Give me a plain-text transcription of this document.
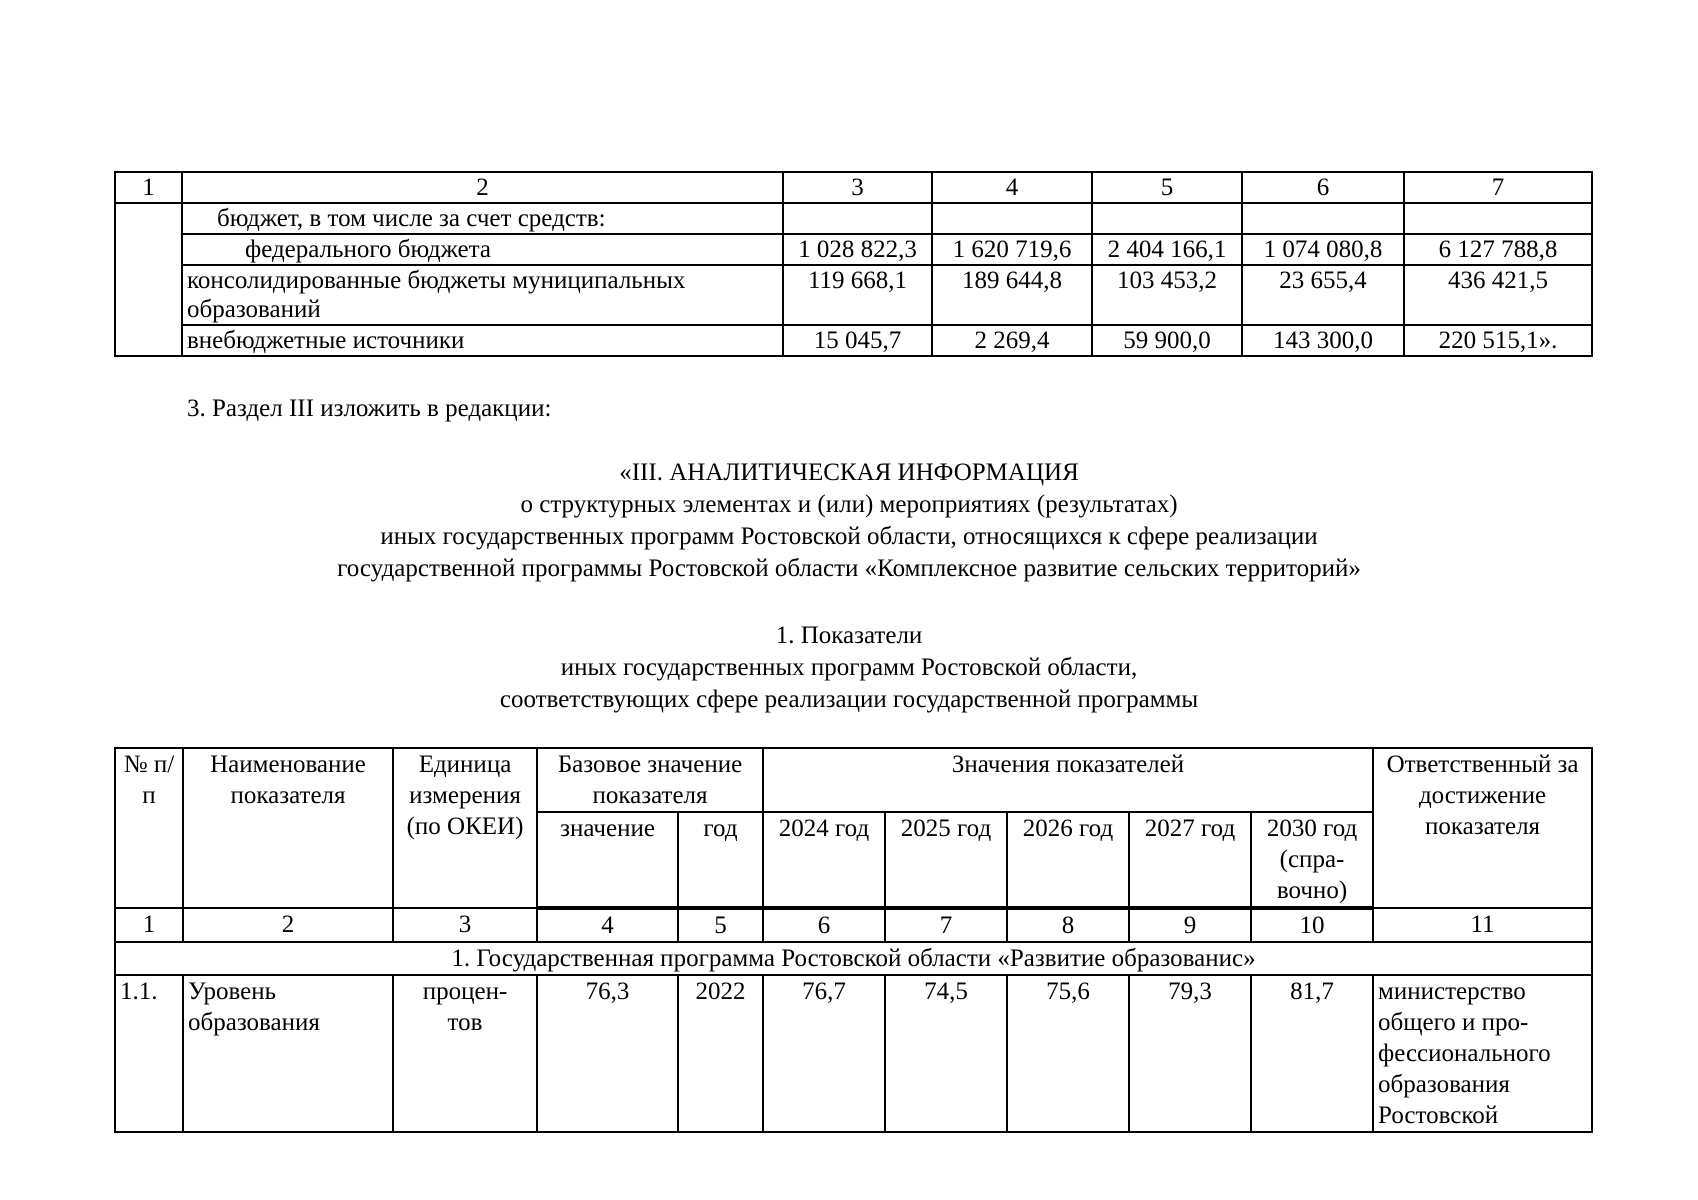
1	2	3	4	5	6	7
	бюджет, в том числе за счет средств:					
	федерального бюджета	1 028 822,3	1 620 719,6	2 404 166,1	1 074 080,8	6 127 788,8
	консолидированные бюджеты муниципальных образований	119 668,1	189 644,8	103 453,2	23 655,4	436 421,5
	внебюджетные источники	15 045,7	2 269,4	59 900,0	143 300,0	220 515,1».
3. Раздел III изложить в редакции:
«III. АНАЛИТИЧЕСКАЯ ИНФОРМАЦИЯ
о структурных элементах и (или) мероприятиях (результатах)
иных государственных программ Ростовской области, относящихся к сфере реализации
государственной программы Ростовской области «Комплексное развитие сельских территорий»
1. Показатели
иных государственных программ Ростовской области,
соответствующих сфере реализации государственной программы
№ п/п	Наименование показателя	Единица измерения (по ОКЕИ)	Базовое значение показателя		Значения показателей					Ответственный за достижение показателя
			значение	год	2024 год	2025 год	2026 год	2027 год	2030 год (спра-вочно)	
1	2	3	4	5	6	7	8	9	10	11
1. Государственная программа Ростовской области «Развитие образованис»										
1.1.	Уровень образования	процен-тов	76,3	2022	76,7	74,5	75,6	79,3	81,7	министерство общего и про-фессионального образования Ростовской
